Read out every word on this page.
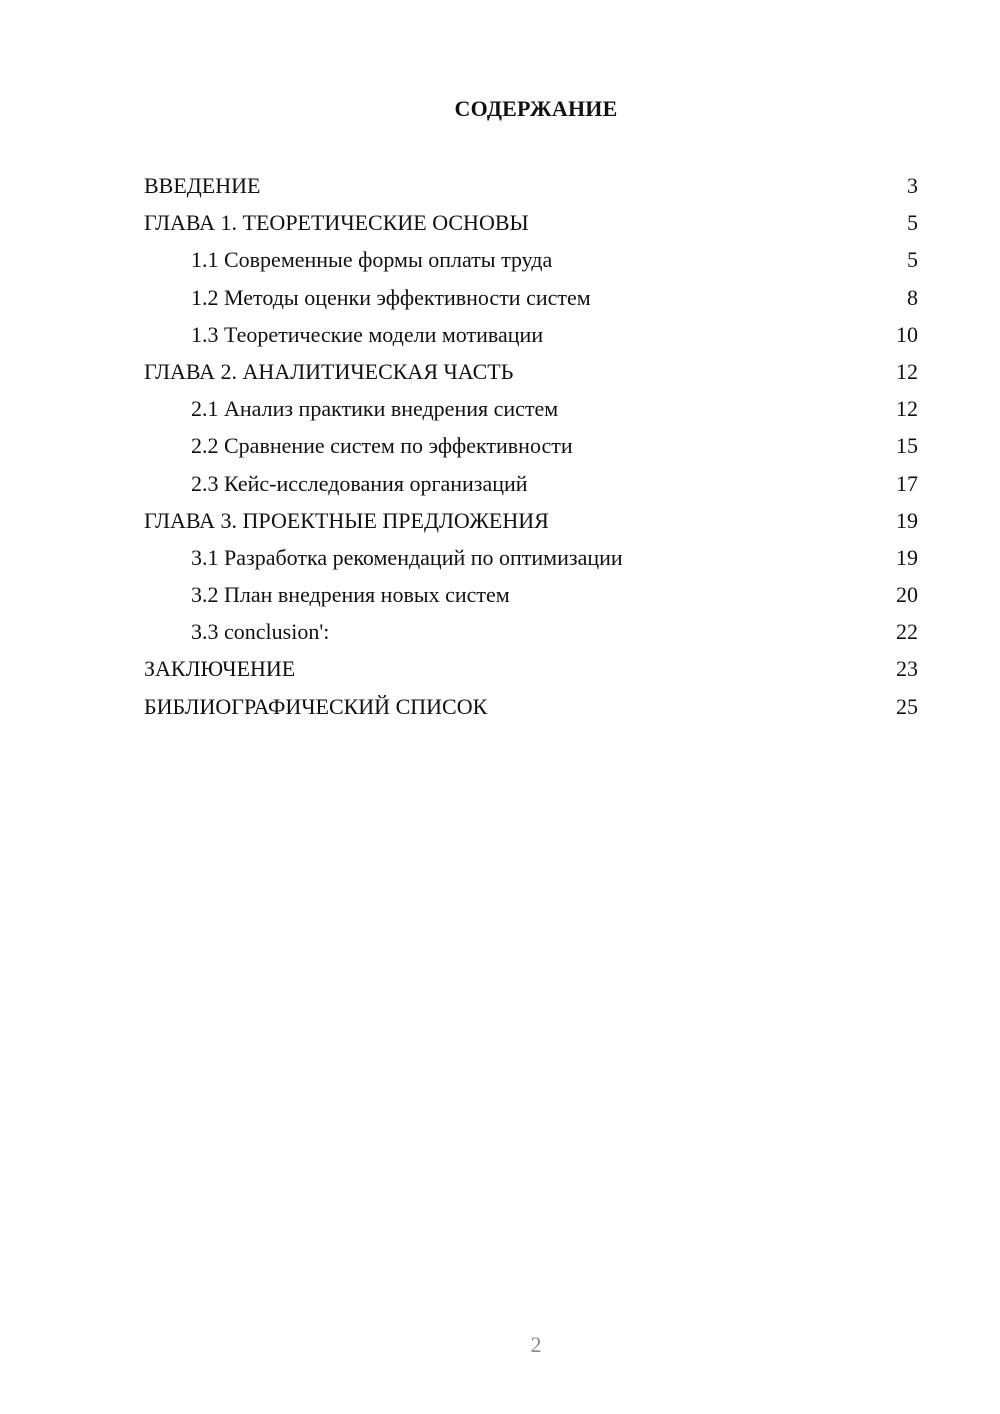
СОДЕРЖАНИЕ
ВВЕДЕНИЕ	3
ГЛАВА 1. ТЕОРЕТИЧЕСКИЕ ОСНОВЫ	5
1.1 Современные формы оплаты труда	5
1.2 Методы оценки эффективности систем	8
1.3 Теоретические модели мотивации	10
ГЛАВА 2. АНАЛИТИЧЕСКАЯ ЧАСТЬ	12
2.1 Анализ практики внедрения систем	12
2.2 Сравнение систем по эффективности	15
2.3 Кейс-исследования организаций	17
ГЛАВА 3. ПРОЕКТНЫЕ ПРЕДЛОЖЕНИЯ	19
3.1 Разработка рекомендаций по оптимизации	19
3.2 План внедрения новых систем	20
3.3 conclusion':	22
ЗАКЛЮЧЕНИЕ	23
БИБЛИОГРАФИЧЕСКИЙ СПИСОК	25
2
